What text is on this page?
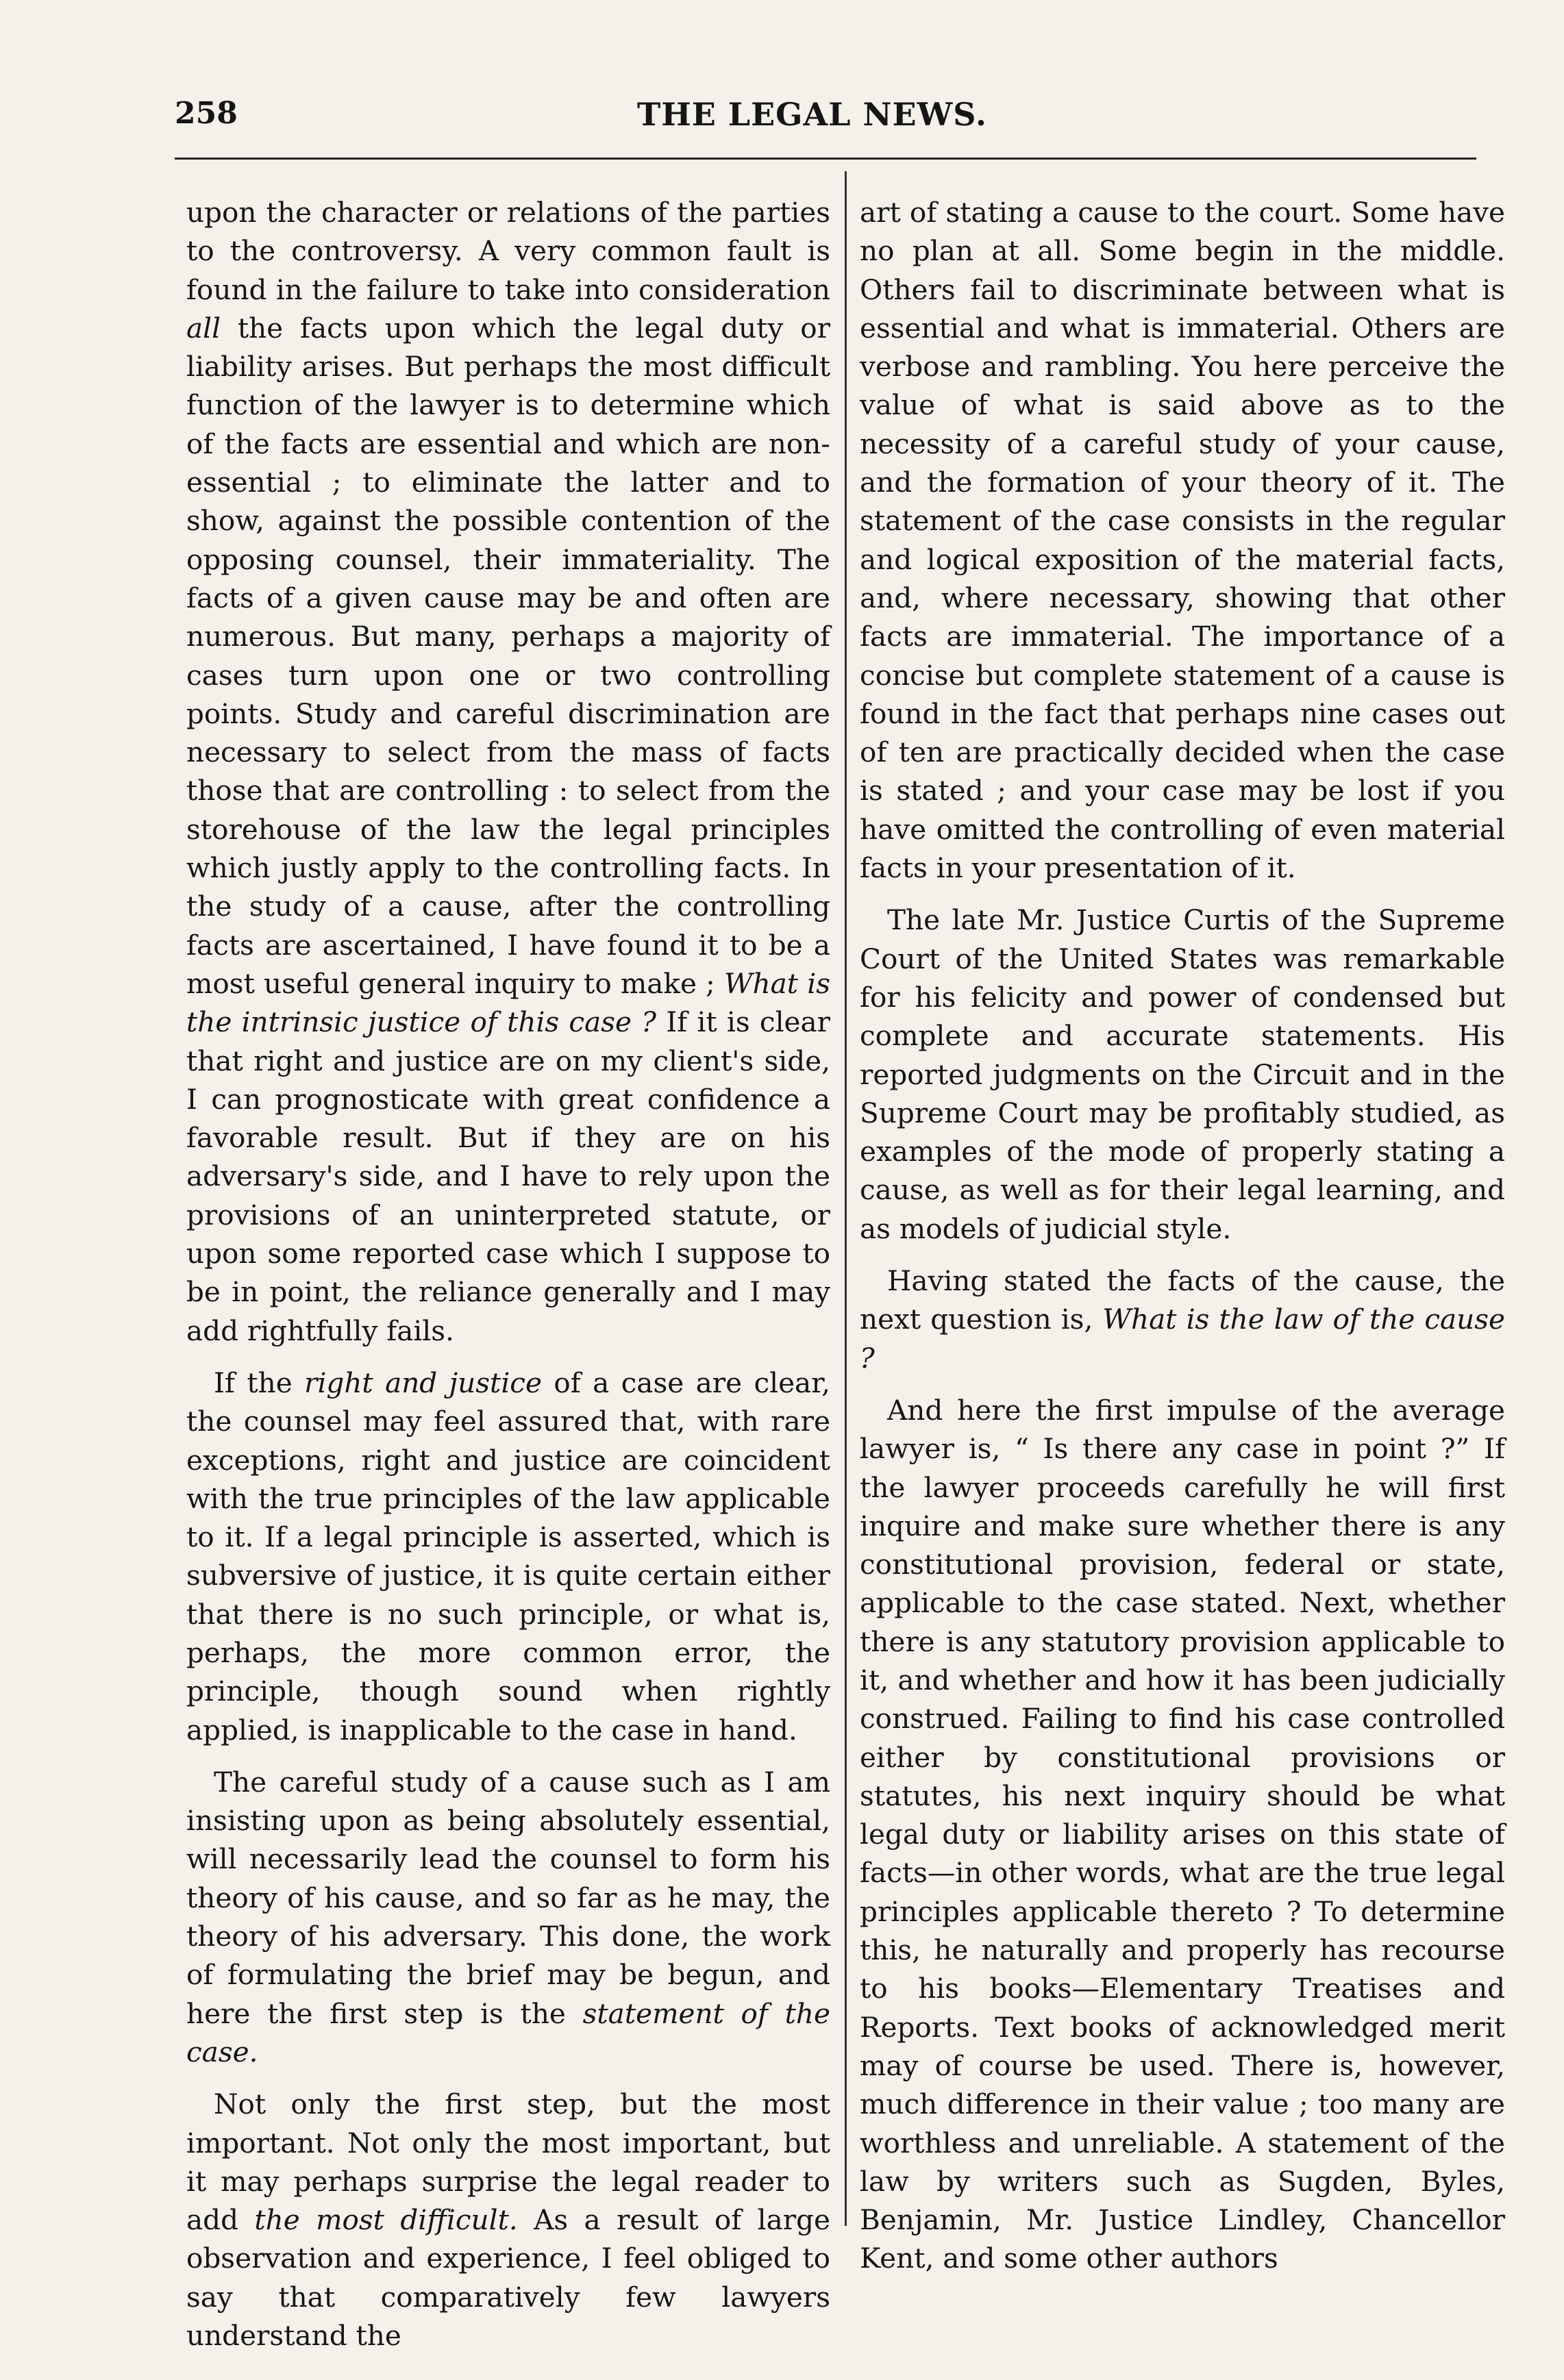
258	THE LEGAL NEWS.

upon the character or relations of the parties to the controversy. A very common fault is found in the failure to take into consideration all the facts upon which the legal duty or liability arises. But perhaps the most difficult function of the lawyer is to determine which of the facts are essential and which are non-essential ; to eliminate the latter and to show, against the possible contention of the opposing counsel, their immateriality. The facts of a given cause may be and often are numerous. But many, perhaps a majority of cases turn upon one or two controlling points. Study and careful discrimination are necessary to select from the mass of facts those that are controlling : to select from the storehouse of the law the legal principles which justly apply to the controlling facts. In the study of a cause, after the controlling facts are ascertained, I have found it to be a most useful general inquiry to make ; What is the intrinsic justice of this case ? If it is clear that right and justice are on my client's side, I can prognosticate with great confidence a favorable result. But if they are on his adversary's side, and I have to rely upon the provisions of an uninterpreted statute, or upon some reported case which I suppose to be in point, the reliance generally and I may add rightfully fails.

If the right and justice of a case are clear, the counsel may feel assured that, with rare exceptions, right and justice are coincident with the true principles of the law applicable to it. If a legal principle is asserted, which is subversive of justice, it is quite certain either that there is no such principle, or what is, perhaps, the more common error, the principle, though sound when rightly applied, is inapplicable to the case in hand.

The careful study of a cause such as I am insisting upon as being absolutely essential, will necessarily lead the counsel to form his theory of his cause, and so far as he may, the theory of his adversary. This done, the work of formulating the brief may be begun, and here the first step is the statement of the case.

Not only the first step, but the most important. Not only the most important, but it may perhaps surprise the legal reader to add the most difficult. As a result of large observation and experience, I feel obliged to say that comparatively few lawyers understand the

art of stating a cause to the court. Some have no plan at all. Some begin in the middle. Others fail to discriminate between what is essential and what is immaterial. Others are verbose and rambling. You here perceive the value of what is said above as to the necessity of a careful study of your cause, and the formation of your theory of it. The statement of the case consists in the regular and logical exposition of the material facts, and, where necessary, showing that other facts are immaterial. The importance of a concise but complete statement of a cause is found in the fact that perhaps nine cases out of ten are practically decided when the case is stated ; and your case may be lost if you have omitted the controlling of even material facts in your presentation of it.

The late Mr. Justice Curtis of the Supreme Court of the United States was remarkable for his felicity and power of condensed but complete and accurate statements. His reported judgments on the Circuit and in the Supreme Court may be profitably studied, as examples of the mode of properly stating a cause, as well as for their legal learning, and as models of judicial style.

Having stated the facts of the cause, the next question is, What is the law of the cause ?

And here the first impulse of the average lawyer is, “ Is there any case in point ?” If the lawyer proceeds carefully he will first inquire and make sure whether there is any constitutional provision, federal or state, applicable to the case stated. Next, whether there is any statutory provision applicable to it, and whether and how it has been judicially construed. Failing to find his case controlled either by constitutional provisions or statutes, his next inquiry should be what legal duty or liability arises on this state of facts—in other words, what are the true legal principles applicable thereto ? To determine this, he naturally and properly has recourse to his books—Elementary Treatises and Reports. Text books of acknowledged merit may of course be used. There is, however, much difference in their value ; too many are worthless and unreliable. A statement of the law by writers such as Sugden, Byles, Benjamin, Mr. Justice Lindley, Chancellor Kent, and some other authors
